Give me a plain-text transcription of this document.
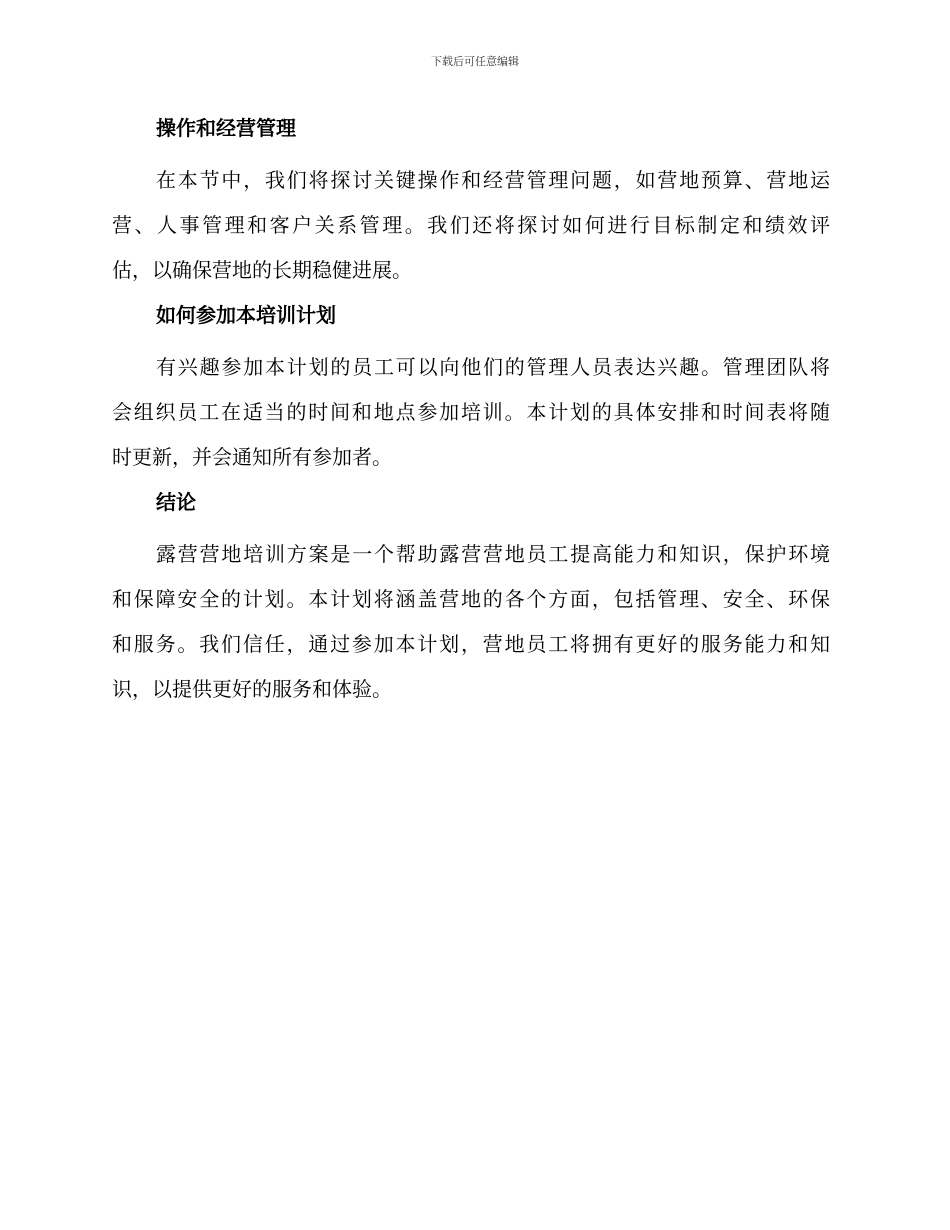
下载后可任意编辑
操作和经营管理

在本节中，我们将探讨关键操作和经营管理问题，如营地预算、营地运
营、人事管理和客户关系管理。我们还将探讨如何进行目标制定和绩效评
估，以确保营地的长期稳健进展。

如何参加本培训计划

有兴趣参加本计划的员工可以向他们的管理人员表达兴趣。管理团队将
会组织员工在适当的时间和地点参加培训。本计划的具体安排和时间表将随
时更新，并会通知所有参加者。

结论

露营营地培训方案是一个帮助露营营地员工提高能力和知识，保护环境
和保障安全的计划。本计划将涵盖营地的各个方面，包括管理、安全、环保
和服务。我们信任，通过参加本计划，营地员工将拥有更好的服务能力和知
识，以提供更好的服务和体验。
